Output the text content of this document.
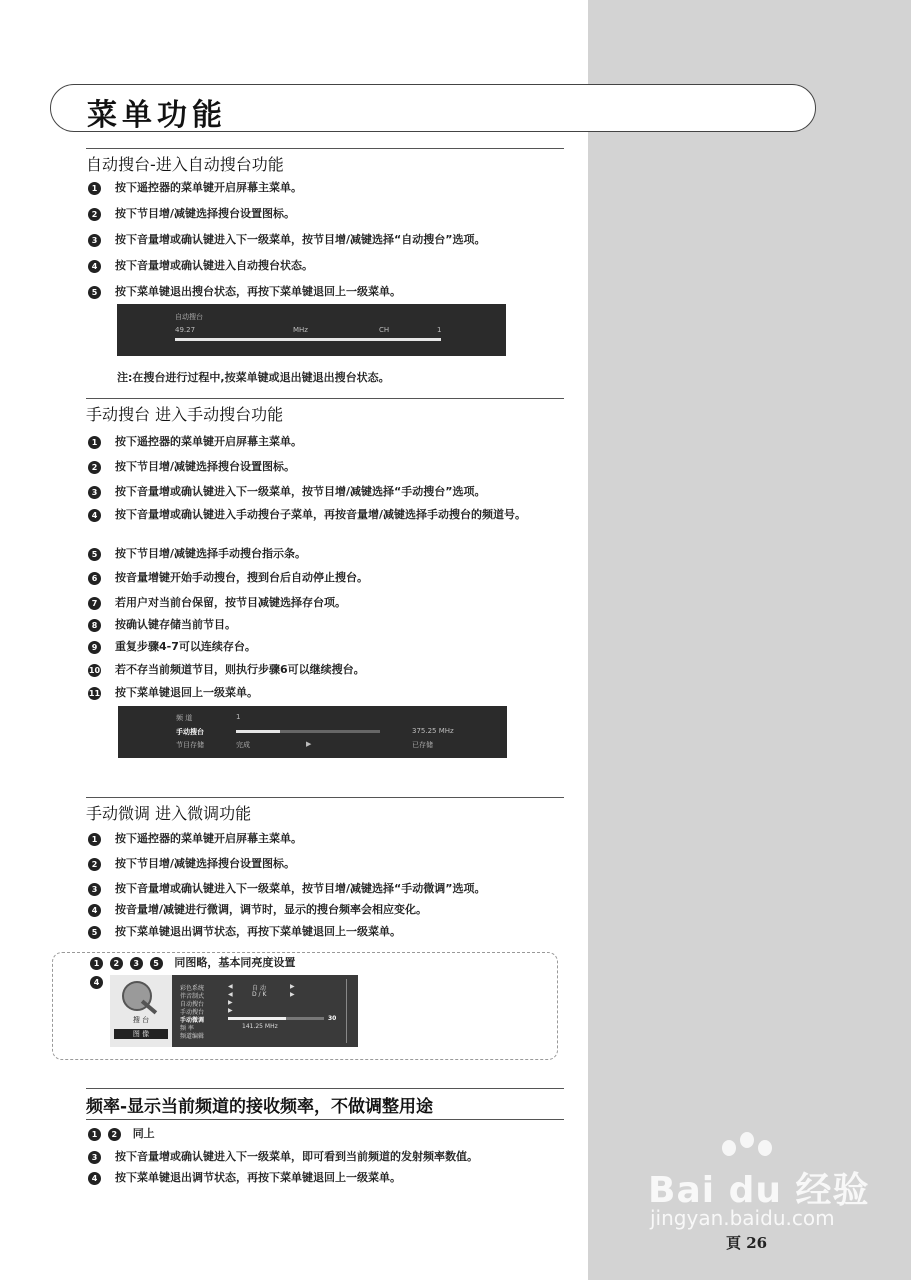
菜单功能
自动搜台-进入自动搜台功能
1 按下遥控器的菜单键开启屏幕主菜单。
2 按下节目增/减键选择搜台设置图标。
3 按下音量增或确认键进入下一级菜单，按节目增/减键选择“自动搜台”选项。
4 按下音量增或确认键进入自动搜台状态。
5 按下菜单键退出搜台状态，再按下菜单键退回上一级菜单。
自动搜台
49.27	MHz	CH	1
注:在搜台进行过程中,按菜单键或退出键退出搜台状态。
手动搜台 进入手动搜台功能
1 按下遥控器的菜单键开启屏幕主菜单。
2 按下节目增/减键选择搜台设置图标。
3 按下音量增或确认键进入下一级菜单，按节目增/减键选择“手动搜台”选项。
4	按下音量增或确认键进入手动搜台子菜单，再按音量增/减键选择手动搜台的频道号。
5 按下节目增/减键选择手动搜台指示条。
6 按音量增键开始手动搜台，搜到台后自动停止搜台。
7 若用户对当前台保留，按节目减键选择存台项。
8 按确认键存储当前节目。
9 重复步骤4-7可以连续存台。
10 若不存当前频道节目，则执行步骤6可以继续搜台。
11 按下菜单键退回上一级菜单。
频 道	1
手动搜台	375.25 MHz
节目存储	完成	▶	已存储
手动微调 进入微调功能
1 按下遥控器的菜单键开启屏幕主菜单。
2 按下节目增/减键选择搜台设置图标。
3 按下音量增或确认键进入下一级菜单，按节目增/减键选择“手动微调”选项。
4 按音量增/减键进行微调，调节时，显示的搜台频率会相应变化。
5 按下菜单键退出调节状态，再按下菜单键退回上一级菜单。
1 2 3 5 同图略，基本同亮度设置
4
搜 台
图 像
彩色系统	◀	自 动	▶
伴音制式	◀	D / K	▶
自动搜台	▶
手动搜台	▶
手动微调	30
频 率	141.25 MHz
频道编辑
频率-显示当前频道的接收频率，不做调整用途
1 2 同上
3 按下音量增或确认键进入下一级菜单，即可看到当前频道的发射频率数值。
4 按下菜单键退出调节状态，再按下菜单键退回上一级菜单。	Bai du 经验
jingyan.baidu.com
頁 26
